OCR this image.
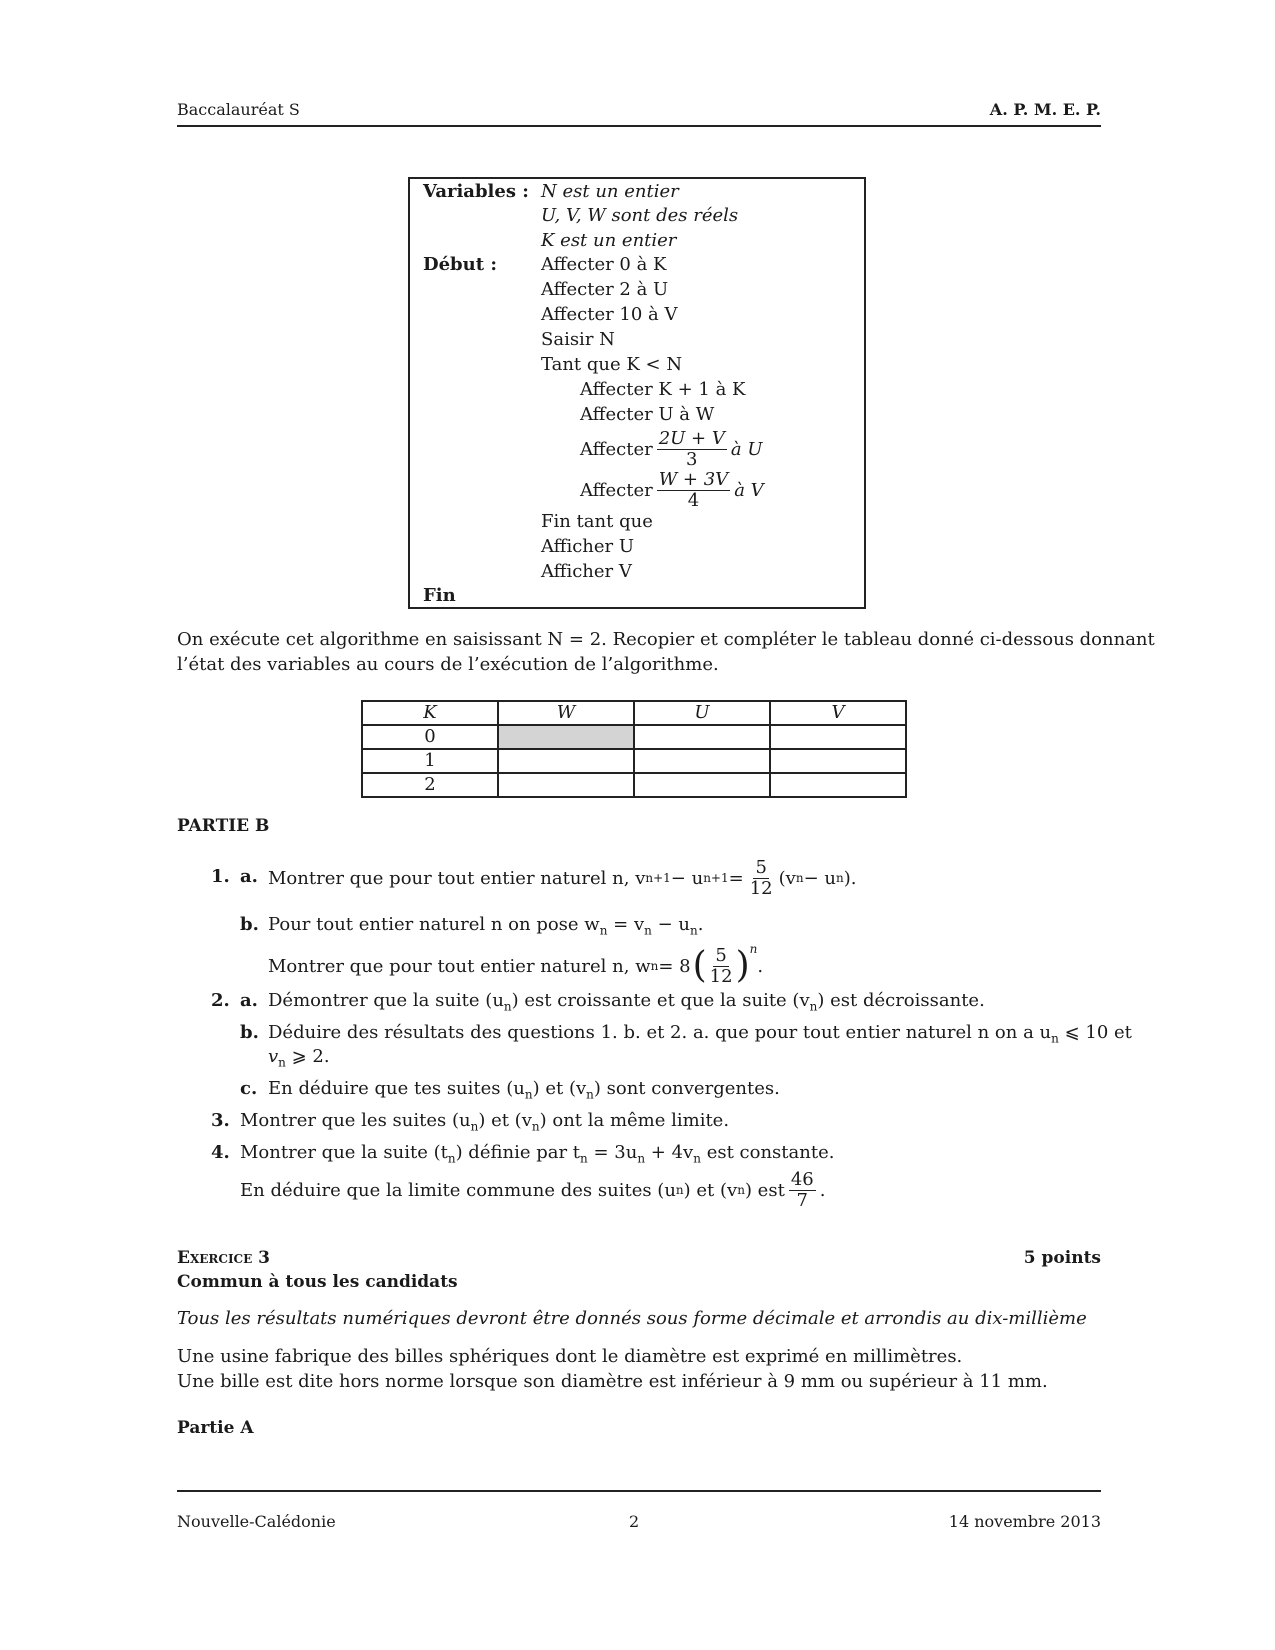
Baccalauréat S	A. P. M. E. P.
Variables : N est un entier
U, V, W sont des réels
K est un entier
Début : Affecter 0 à K
Affecter 2 à U
Affecter 10 à V
Saisir N
Tant que K < N
Affecter K + 1 à K
Affecter U à W
Affecter $\frac{2U + V}{3}$ à U
Affecter $\frac{W + 3V}{4}$ à V
Fin tant que
Afficher U
Afficher V
Fin
On exécute cet algorithme en saisissant N = 2. Recopier et compléter le tableau donné ci-dessous donnant
l’état des variables au cours de l’exécution de l’algorithme.
K	W	U	V
0			
1			
2			
PARTIE B
1. a. Montrer que pour tout entier naturel n, v n+1 − u $n+1 = \frac{5}{12} (v$ n − u n ).
b. Pour tout entier naturel n on pose $w_n = v_n - u_n$.
Montrer que pour tout entier naturel n, w n = 8 ( $\frac{5}{12} )^n$
.
2. a. Démontrer que la suite $(u_n)$ est croissante et que la suite $(v_n)$ est décroissante.
b. Déduire des résultats des questions 1. b. et 2. a. que pour tout entier naturel n on a $u_n$ ⩽ 10 et
$v_n$ ⩾ 2.
c. En déduire que tes suites $(u_n)$ et $(v_n)$ sont convergentes.
3. Montrer que les suites $(u_n)$ et $(v_n)$ ont la même limite.
4. Montrer que la suite $(t_n)$ définie par $t_n = 3u_n + 4v_n$ est constante.
En déduire que la limite commune des suites (u n ) et (v n ) est $\frac{46}{7}$ .
Exercice 3	5 points
Commun à tous les candidats
Tous les résultats numériques devront être donnés sous forme décimale et arrondis au dix-millième
Une usine fabrique des billes sphériques dont le diamètre est exprimé en millimètres.
Une bille est dite hors norme lorsque son diamètre est inférieur à 9 mm ou supérieur à 11 mm.
Partie A
Nouvelle-Calédonie	2	14 novembre 2013
